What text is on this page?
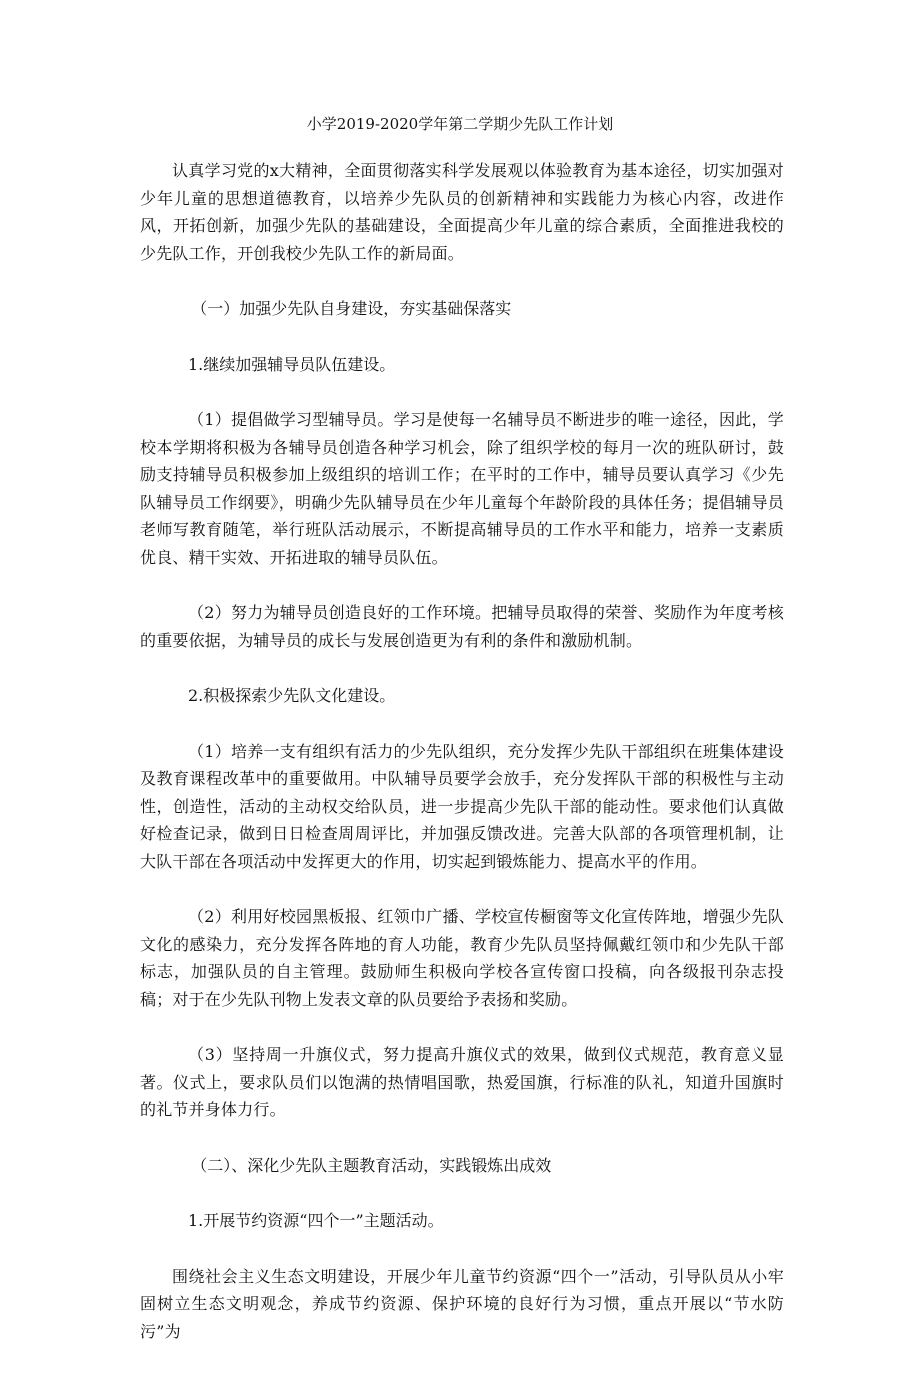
小学2019-2020学年第二学期少先队工作计划

认真学习党的x大精神，全面贯彻落实科学发展观以体验教育为基本途径，切实加强对少年儿童的思想道德教育，以培养少先队员的创新精神和实践能力为核心内容，改进作风，开拓创新，加强少先队的基础建设，全面提高少年儿童的综合素质，全面推进我校的少先队工作，开创我校少先队工作的新局面。

（一）加强少先队自身建设，夯实基础保落实

1.继续加强辅导员队伍建设。

（1）提倡做学习型辅导员。学习是使每一名辅导员不断进步的唯一途径，因此，学校本学期将积极为各辅导员创造各种学习机会，除了组织学校的每月一次的班队研讨，鼓励支持辅导员积极参加上级组织的培训工作；在平时的工作中，辅导员要认真学习《少先队辅导员工作纲要》，明确少先队辅导员在少年儿童每个年龄阶段的具体任务；提倡辅导员老师写教育随笔，举行班队活动展示，不断提高辅导员的工作水平和能力，培养一支素质优良、精干实效、开拓进取的辅导员队伍。

（2）努力为辅导员创造良好的工作环境。把辅导员取得的荣誉、奖励作为年度考核的重要依据，为辅导员的成长与发展创造更为有利的条件和激励机制。

2.积极探索少先队文化建设。

（1）培养一支有组织有活力的少先队组织，充分发挥少先队干部组织在班集体建设及教育课程改革中的重要做用。中队辅导员要学会放手，充分发挥队干部的积极性与主动性，创造性，活动的主动权交给队员，进一步提高少先队干部的能动性。要求他们认真做好检查记录，做到日日检查周周评比，并加强反馈改进。完善大队部的各项管理机制，让大队干部在各项活动中发挥更大的作用，切实起到锻炼能力、提高水平的作用。

（2）利用好校园黑板报、红领巾广播、学校宣传橱窗等文化宣传阵地，增强少先队文化的感染力，充分发挥各阵地的育人功能，教育少先队员坚持佩戴红领巾和少先队干部标志，加强队员的自主管理。鼓励师生积极向学校各宣传窗口投稿，向各级报刊杂志投稿；对于在少先队刊物上发表文章的队员要给予表扬和奖励。

（3）坚持周一升旗仪式，努力提高升旗仪式的效果，做到仪式规范，教育意义显著。仪式上，要求队员们以饱满的热情唱国歌，热爱国旗，行标准的队礼，知道升国旗时的礼节并身体力行。

（二）、深化少先队主题教育活动，实践锻炼出成效

1.开展节约资源“四个一”主题活动。

围绕社会主义生态文明建设，开展少年儿童节约资源“四个一”活动，引导队员从小牢固树立生态文明观念，养成节约资源、保护环境的良好行为习惯，重点开展以“节水防污”为
